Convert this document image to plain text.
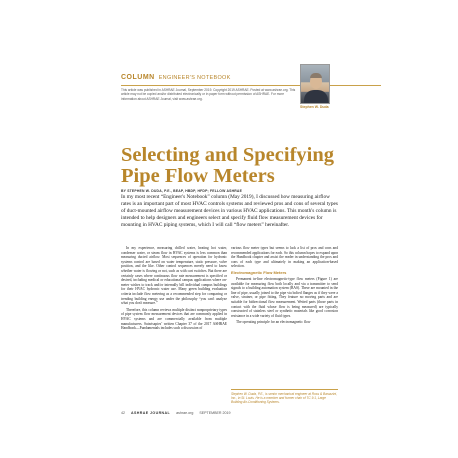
COLUMN ENGINEER'S NOTEBOOK
This article was published in ASHRAE Journal, September 2019. Copyright 2019 ASHRAE. Posted at www.ashrae.org. This article may not be copied and/or distributed electronically or in paper form without permission of ASHRAE. For more information about ASHRAE Journal, visit www.ashrae.org.
Stephen W. Duda
Selecting and Specifying Pipe Flow Meters
BY STEPHEN W. DUDA, P.E., BEAP, HBDP, HFDP; FELLOW ASHRAE

In my most recent “Engineer's Notebook” column (May 2019), I discussed how measuring airflow rates is an important part of most HVAC controls systems and reviewed pros and cons of several types of duct-mounted airflow measurement devices in various HVAC applications. This month's column is intended to help designers and engineers select and specify fluid flow measurement devices for mounting in HVAC piping systems, which I will call “flow meters” hereinafter.

In my experience, measuring chilled water, heating hot water, condenser water, or steam flow in HVAC systems is less common than measuring ducted airflow. Most sequences of operation for hydronic systems control are based on water temperature, static pressure, valve position, and the like. Other control sequences merely need to know whether water is flowing or not, such as with cart switches. But there are certainly cases where continuous flow rate measurement is specified or desired, including medical or educational campus applications where on-meter wishes to track and/or internally bill individual campus buildings for their HVAC hydronic water use. Many green building evaluation criteria include flow metering as a recommended step for comparing or trending building energy use under the philosophy “you can't analyze what you don't measure.”

Therefore, this column reviews multiple distinct nonproprietary types of pipe system flow measurement devices that are commonly applied in HVAC systems and are commercially available from multiple manufacturers. Sutsrisapies’ written Chapter 37 of the 2017 ASHRAE Handbook—Fundamentals includes such a discussion of

various flow meter types but seems to lack a list of pros and cons and recommended applications for each. So this column hopes to expand upon the Handbook chapter and assist the reader in understanding the pros and cons of each type and ultimately in making an application-based selection.

Electromagnetic Flow Meters

Permanent in-line electromagnetic-type flow meters (Figure 1) are available for measuring flow both locally and via a transmitter to send signals to a building automation system (BAS). These are mounted in the line of pipe, usually joined to the pipe via bolted flanges as if they were a valve, strainer, or pipe fitting. They feature no moving parts and are suitable for bidirectional flow measurement. Wetted parts (those parts in contact with the fluid whose flow is being measured) are typically constructed of stainless steel or synthetic materials like good corrosion resistance in a wide variety of fluid types.

The operating principle for an electromagnetic flow

Stephen W. Duda, P.E., is senior mechanical engineer at Ross & Baruzzini, Inc., in St. Louis. He is a member and former chair of TC 9.1, Large Building Air-Conditioning Systems.
42 ASHRAE JOURNAL ashrae.org SEPTEMBER 2019
